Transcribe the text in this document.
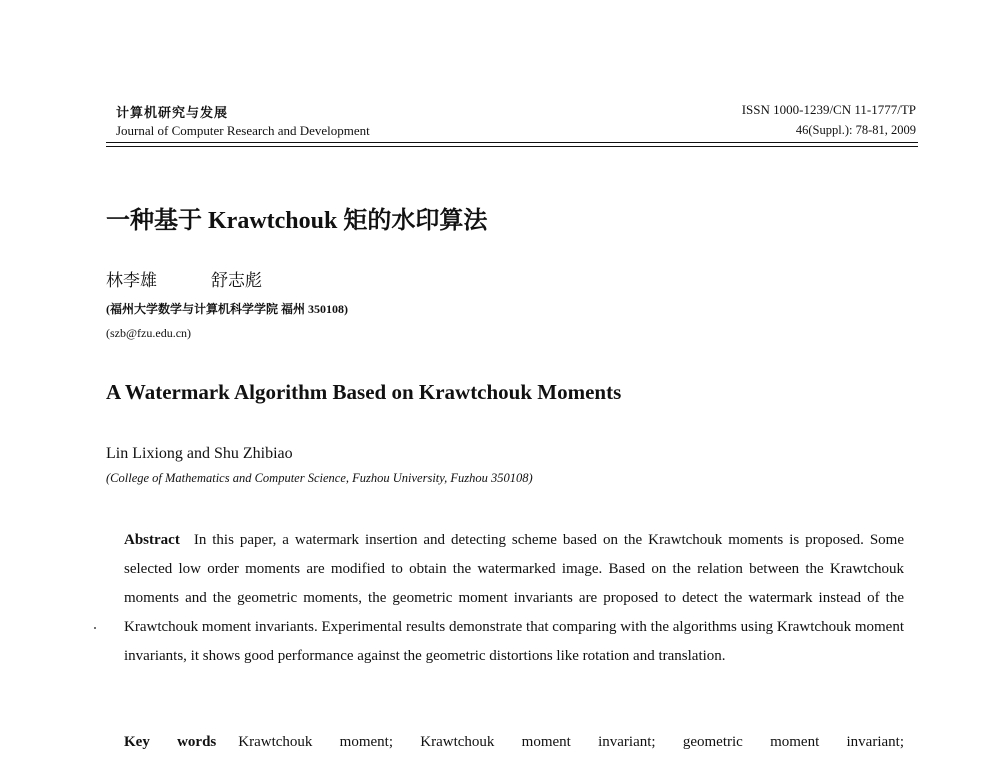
计算机研究与发展
Journal of Computer Research and Development
ISSN 1000-1239/CN 11-1777/TP
46(Suppl.): 78-81, 2009
一种基于 Krawtchouk 矩的水印算法
林李雄	舒志彪
(福州大学数学与计算机科学学院 福州 350108)
(szb@fzu.edu.cn)
A Watermark Algorithm Based on Krawtchouk Moments
Lin Lixiong and Shu Zhibiao
(College of Mathematics and Computer Science, Fuzhou University, Fuzhou 350108)
Abstract In this paper, a watermark insertion and detecting scheme based on the Krawtchouk moments is proposed. Some selected low order moments are modified to obtain the watermarked image. Based on the relation between the Krawtchouk moments and the geometric moments, the geometric moment invariants are proposed to detect the watermark instead of the Krawtchouk moment invariants. Experimental results demonstrate that comparing with the algorithms using Krawtchouk moment invariants, it shows good performance against the geometric distortions like rotation and translation.
Key words Krawtchouk moment; Krawtchouk moment invariant; geometric moment invariant;
